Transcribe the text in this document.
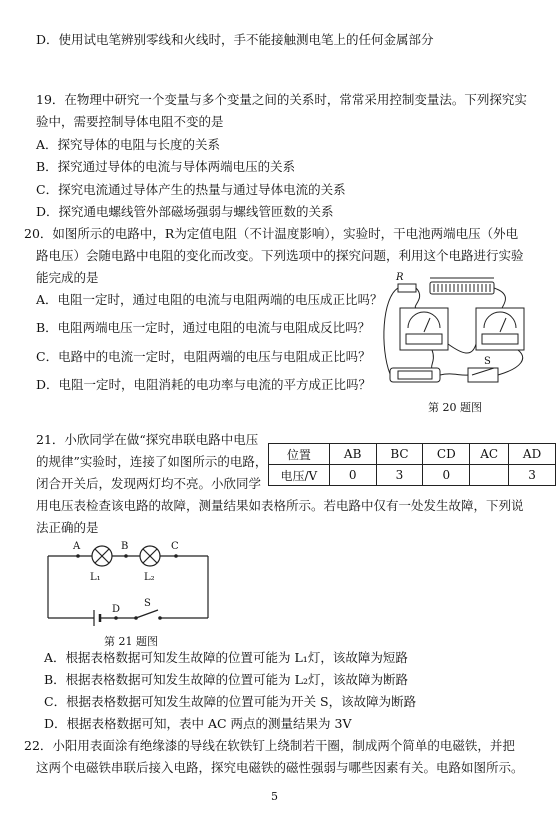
D．使用试电笔辨别零线和火线时，手不能接触测电笔上的任何金属部分
19．在物理中研究一个变量与多个变量之间的关系时，常常采用控制变量法。下列探究实
验中，需要控制导体电阻不变的是
A．探究导体的电阻与长度的关系
B．探究通过导体的电流与导体两端电压的关系
C．探究电流通过导体产生的热量与通过导体电流的关系
D．探究通电螺线管外部磁场强弱与螺线管匝数的关系
20．如图所示的电路中，R为定值电阻（不计温度影响），实验时，干电池两端电压（外电
路电压）会随电路中电阻的变化而改变。下列选项中的探究问题，利用这个电路进行实验
能完成的是
A．电阻一定时，通过电阻的电流与电阻两端的电压成正比吗？
B．电阻两端电压一定时，通过电阻的电流与电阻成反比吗？
C．电路中的电流一定时，电阻两端的电压与电阻成正比吗？
D．电阻一定时，电阻消耗的电功率与电流的平方成正比吗？
R
S
第 20 题图
21．小欣同学在做“探究串联电路中电压
的规律”实验时，连接了如图所示的电路，
闭合开关后，发现两灯均不亮。小欣同学
用电压表检查该电路的故障，测量结果如表格所示。若电路中仅有一处发生故障，下列说
法正确的是
位置	AB	BC	CD	AC	AD
电压/V	0	3	0		3
A	B	C
D
S
L₁	L₂
第 21 题图
A．根据表格数据可知发生故障的位置可能为 L₁灯，该故障为短路
B．根据表格数据可知发生故障的位置可能为 L₂灯，该故障为断路
C．根据表格数据可知发生故障的位置可能为开关 S，该故障为断路
D．根据表格数据可知，表中 AC 两点的测量结果为 3V
22．小阳用表面涂有绝缘漆的导线在软铁钉上绕制若干圈，制成两个简单的电磁铁，并把
这两个电磁铁串联后接入电路，探究电磁铁的磁性强弱与哪些因素有关。电路如图所示。
5
